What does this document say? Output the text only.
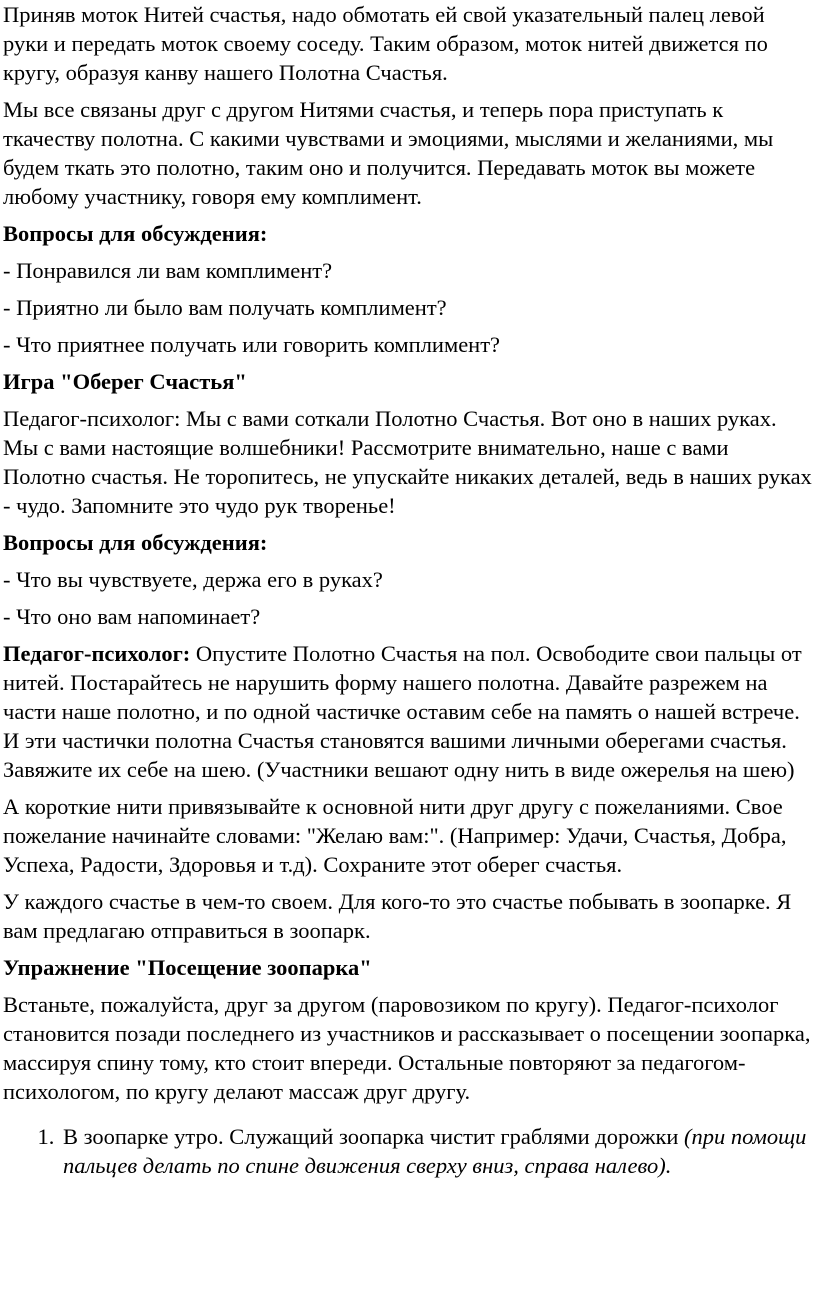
Приняв моток Нитей счастья, надо обмотать ей свой указательный палец левой руки и передать моток своему соседу. Таким образом, моток нитей движется по кругу, образуя канву нашего Полотна Счастья.

Мы все связаны друг с другом Нитями счастья, и теперь пора приступать к ткачеству полотна. С какими чувствами и эмоциями, мыслями и желаниями, мы будем ткать это полотно, таким оно и получится. Передавать моток вы можете любому участнику, говоря ему комплимент.

Вопросы для обсуждения:

- Понравился ли вам комплимент?

- Приятно ли было вам получать комплимент?

- Что приятнее получать или говорить комплимент?

Игра "Оберег Счастья"

Педагог-психолог: Мы с вами соткали Полотно Счастья. Вот оно в наших руках. Мы с вами настоящие волшебники! Рассмотрите внимательно, наше с вами Полотно счастья. Не торопитесь, не упускайте никаких деталей, ведь в наших руках - чудо. Запомните это чудо рук творенье!

Вопросы для обсуждения:

- Что вы чувствуете, держа его в руках?

- Что оно вам напоминает?

Педагог-психолог: Опустите Полотно Счастья на пол. Освободите свои пальцы от нитей. Постарайтесь не нарушить форму нашего полотна. Давайте разрежем на части наше полотно, и по одной частичке оставим себе на память о нашей встрече. И эти частички полотна Счастья становятся вашими личными оберегами счастья. Завяжите их себе на шею. (Участники вешают одну нить в виде ожерелья на шею)

А короткие нити привязывайте к основной нити друг другу с пожеланиями. Свое пожелание начинайте словами: "Желаю вам:". (Например: Удачи, Счастья, Добра, Успеха, Радости, Здоровья и т.д). Сохраните этот оберег счастья.

У каждого счастье в чем-то своем. Для кого-то это счастье побывать в зоопарке. Я вам предлагаю отправиться в зоопарк.

Упражнение "Посещение зоопарка"

Встаньте, пожалуйста, друг за другом (паровозиком по кругу). Педагог-психолог становится позади последнего из участников и рассказывает о посещении зоопарка, массируя спину тому, кто стоит впереди. Остальные повторяют за педагогом-психологом, по кругу делают массаж друг другу.

1. В зоопарке утро. Служащий зоопарка чистит граблями дорожки (при помощи пальцев делать по спине движения сверху вниз, справа налево).
